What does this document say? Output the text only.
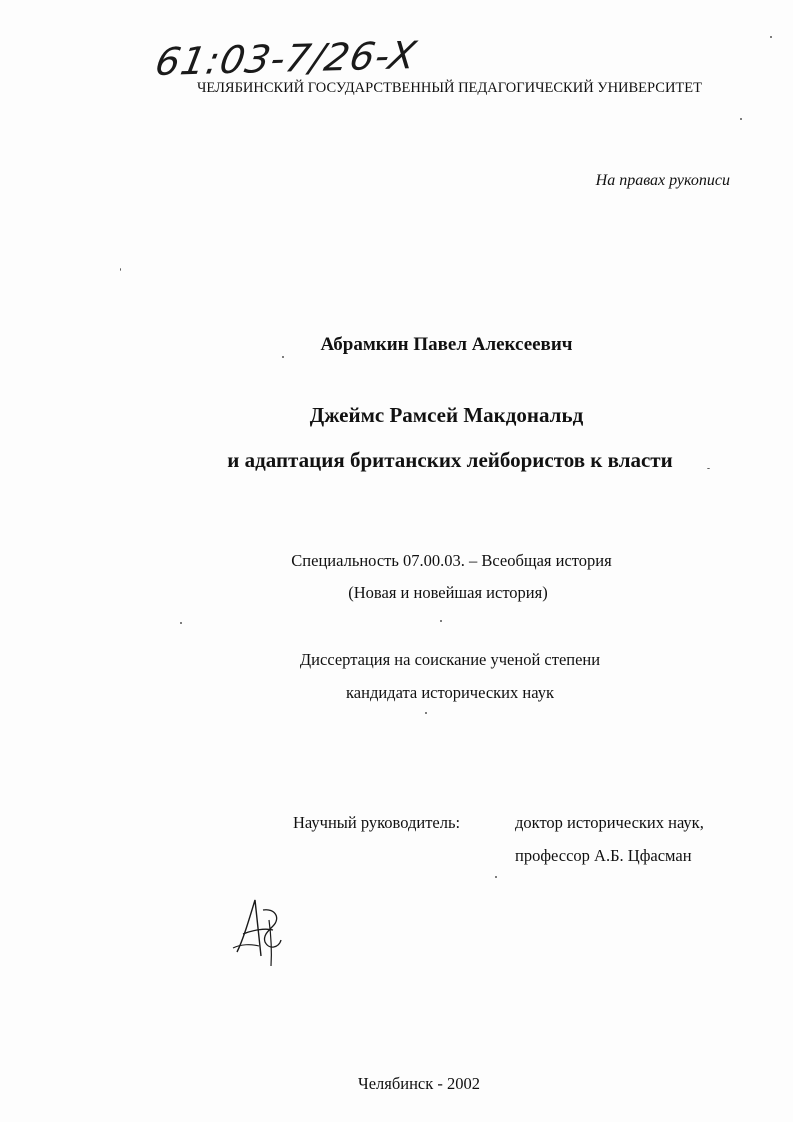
61:03-7/26-X
ЧЕЛЯБИНСКИЙ ГОСУДАРСТВЕННЫЙ ПЕДАГОГИЧЕСКИЙ УНИВЕРСИТЕТ
На правах рукописи
Абрамкин Павел Алексеевич
Джеймс Рамсей Макдональд
и адаптация британских лейбористов к власти
Специальность 07.00.03. – Всеобщая история
(Новая и новейшая история)
Диссертация на соискание ученой степени
кандидата исторических наук
Научный руководитель:	доктор исторических наук,
профессор А.Б. Цфасман
Челябинск - 2002
